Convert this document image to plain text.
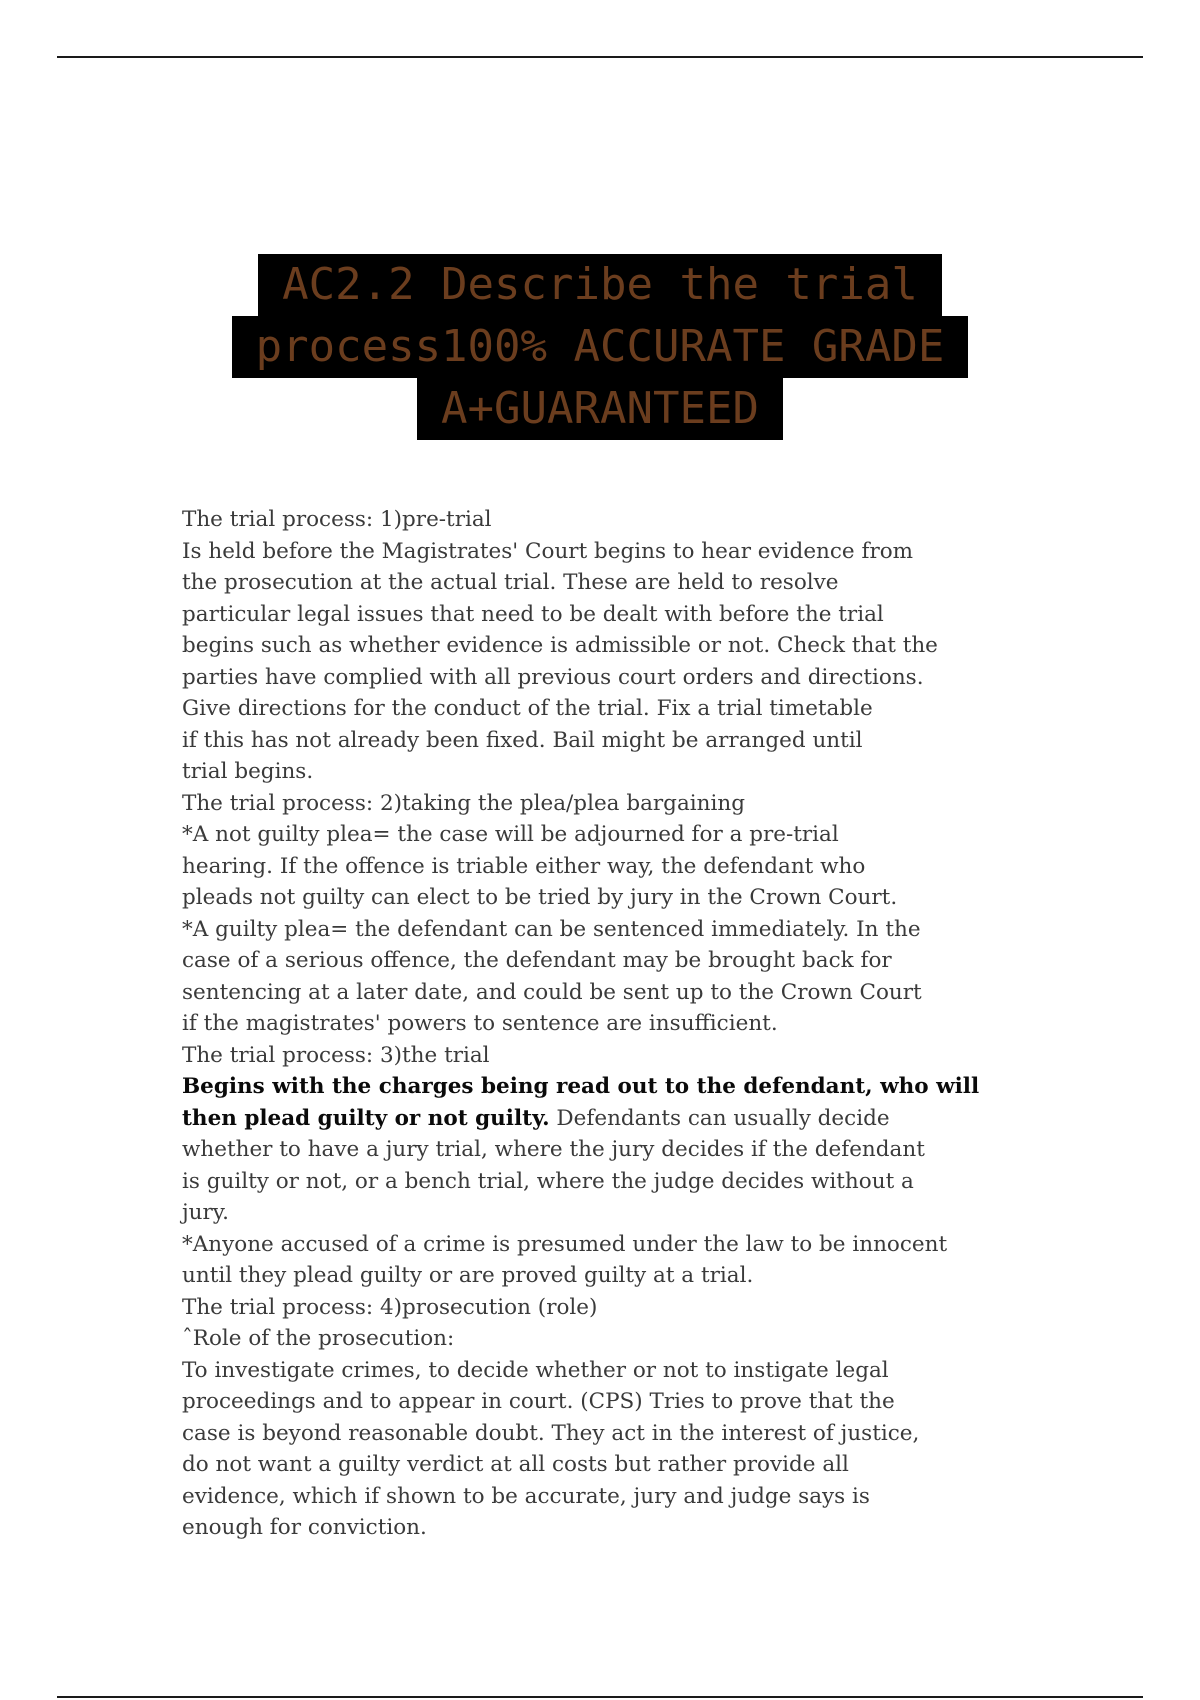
AC2.2 Describe the trial
process100% ACCURATE GRADE
A+GUARANTEED

The trial process: 1)pre-trial

Is held before the Magistrates' Court begins to hear evidence from

the prosecution at the actual trial. These are held to resolve

particular legal issues that need to be dealt with before the trial

begins such as whether evidence is admissible or not. Check that the

parties have complied with all previous court orders and directions.

Give directions for the conduct of the trial. Fix a trial timetable

if this has not already been fixed. Bail might be arranged until

trial begins.

The trial process: 2)taking the plea/plea bargaining

*A not guilty plea= the case will be adjourned for a pre-trial

hearing. If the offence is triable either way, the defendant who

pleads not guilty can elect to be tried by jury in the Crown Court.

*A guilty plea= the defendant can be sentenced immediately. In the

case of a serious offence, the defendant may be brought back for

sentencing at a later date, and could be sent up to the Crown Court

if the magistrates' powers to sentence are insufficient.

The trial process: 3)the trial

Begins with the charges being read out to the defendant, who will

then plead guilty or not guilty. Defendants can usually decide

whether to have a jury trial, where the jury decides if the defendant

is guilty or not, or a bench trial, where the judge decides without a

jury.

*Anyone accused of a crime is presumed under the law to be innocent

until they plead guilty or are proved guilty at a trial.

The trial process: 4)prosecution (role)

ˆRole of the prosecution:

To investigate crimes, to decide whether or not to instigate legal

proceedings and to appear in court. (CPS) Tries to prove that the

case is beyond reasonable doubt. They act in the interest of justice,

do not want a guilty verdict at all costs but rather provide all

evidence, which if shown to be accurate, jury and judge says is

enough for conviction.
